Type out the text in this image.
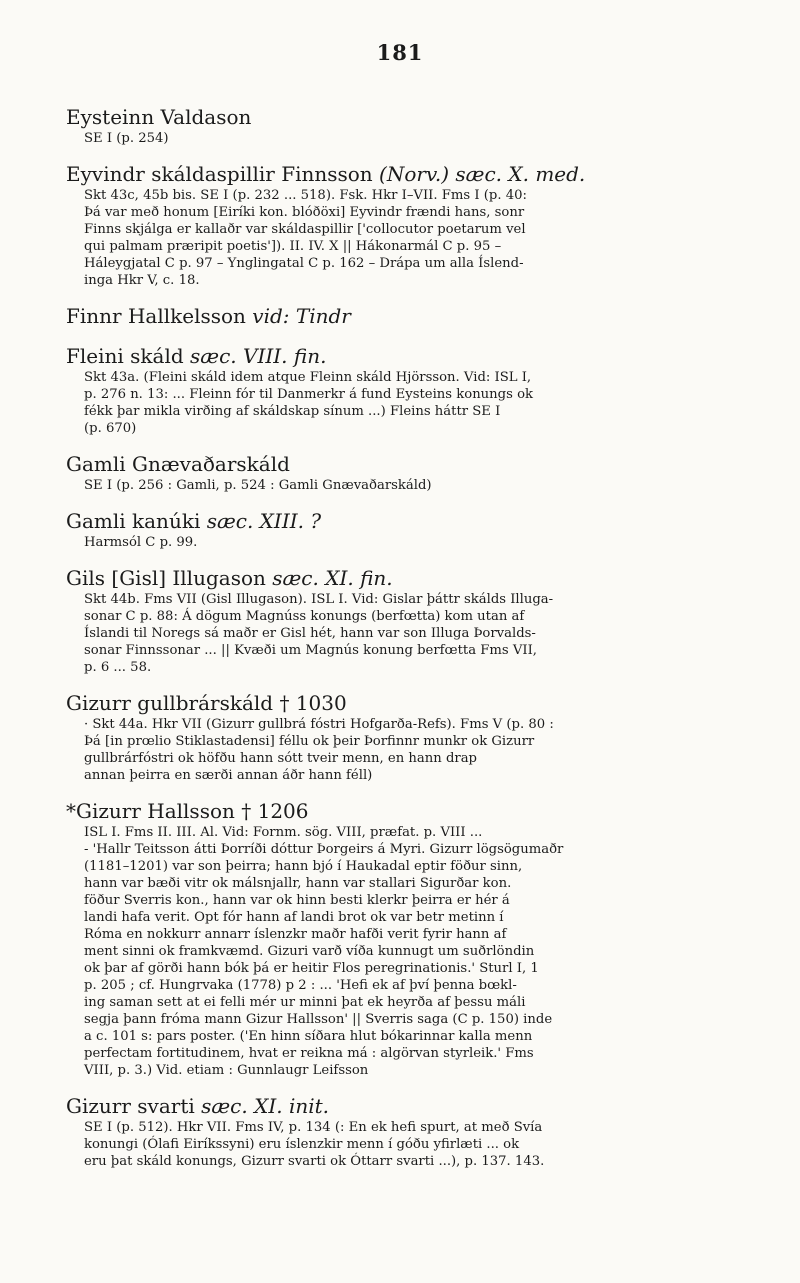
181
Eysteinn Valdason
SE I (p. 254)
Eyvindr skáldaspillir Finnsson (Norv.) sæc. X. med.
Skt 43c, 45b bis. SE I (p. 232 ... 518). Fsk. Hkr I–VII. Fms I (p. 40:
Þá var með honum [Eiríki kon. blóðöxi] Eyvindr frændi hans, sonr
Finns skjálga er kallaðr var skáldaspillir ['collocutor poetarum vel
qui palmam præripit poetis']). II. IV. X || Hákonarmál C p. 95 –
Háleygjatal C p. 97 – Ynglingatal C p. 162 – Drápa um alla Íslend-
inga Hkr V, c. 18.
Finnr Hallkelsson vid: Tindr
Fleini skáld sæc. VIII. fin.
Skt 43a. (Fleini skáld idem atque Fleinn skáld Hjörsson. Vid: ISL I,
p. 276 n. 13: ... Fleinn fór til Danmerkr á fund Eysteins konungs ok
fékk þar mikla virðing af skáldskap sínum ...) Fleins háttr SE I
(p. 670)
Gamli Gnævaðarskáld
SE I (p. 256 : Gamli, p. 524 : Gamli Gnævaðarskáld)
Gamli kanúki sæc. XIII. ?
Harmsól C p. 99.
Gils [Gisl] Illugason sæc. XI. fin.
Skt 44b. Fms VII (Gisl Illugason). ISL I. Vid: Gislar þáttr skálds Illuga-
sonar C p. 88: Á dögum Magnúss konungs (berfœtta) kom utan af
Íslandi til Noregs sá maðr er Gisl hét, hann var son Illuga Þorvalds-
sonar Finnssonar ... || Kvæði um Magnús konung berfœtta Fms VII,
p. 6 ... 58.
Gizurr gullbrárskáld † 1030
· Skt 44a. Hkr VII (Gizurr gullbrá fóstri Hofgarða-Refs). Fms V (p. 80 :
Þá [in prœlio Stiklastadensi] féllu ok þeir Þorfinnr munkr ok Gizurr
gullbrárfóstri ok höfðu hann sótt tveir menn, en hann drap
annan þeirra en særði annan áðr hann féll)
*Gizurr Hallsson † 1206
ISL I. Fms II. III. Al. Vid: Fornm. sög. VIII, præfat. p. VIII ...
- 'Hallr Teitsson átti Þorríði dóttur Þorgeirs á Myri. Gizurr lögsögumaðr
(1181–1201) var son þeirra; hann bjó í Haukadal eptir föður sinn,
hann var bæði vitr ok málsnjallr, hann var stallari Sigurðar kon.
föður Sverris kon., hann var ok hinn besti klerkr þeirra er hér á
landi hafa verit. Opt fór hann af landi brot ok var betr metinn í
Róma en nokkurr annarr íslenzkr maðr hafði verit fyrir hann af
ment sinni ok framkvæmd. Gizuri varð víða kunnugt um suðrlöndin
ok þar af görði hann bók þá er heitir Flos peregrinationis.' Sturl I, 1
p. 205 ; cf. Hungrvaka (1778) p 2 : ... 'Hefi ek af því þenna bœkl-
ing saman sett at ei felli mér ur minni þat ek heyrða af þessu máli
segja þann fróma mann Gizur Hallsson' || Sverris saga (C p. 150) inde
a c. 101 s: pars poster. ('En hinn síðara hlut bókarinnar kalla menn
perfectam fortitudinem, hvat er reikna má : algörvan styrleik.' Fms
VIII, p. 3.) Vid. etiam : Gunnlaugr Leifsson
Gizurr svarti sæc. XI. init.
SE I (p. 512). Hkr VII. Fms IV, p. 134 (: En ek hefi spurt, at með Svía
konungi (Ólafi Eiríkssyni) eru íslenzkir menn í góðu yfirlæti ... ok
eru þat skáld konungs, Gizurr svarti ok Óttarr svarti ...), p. 137. 143.
